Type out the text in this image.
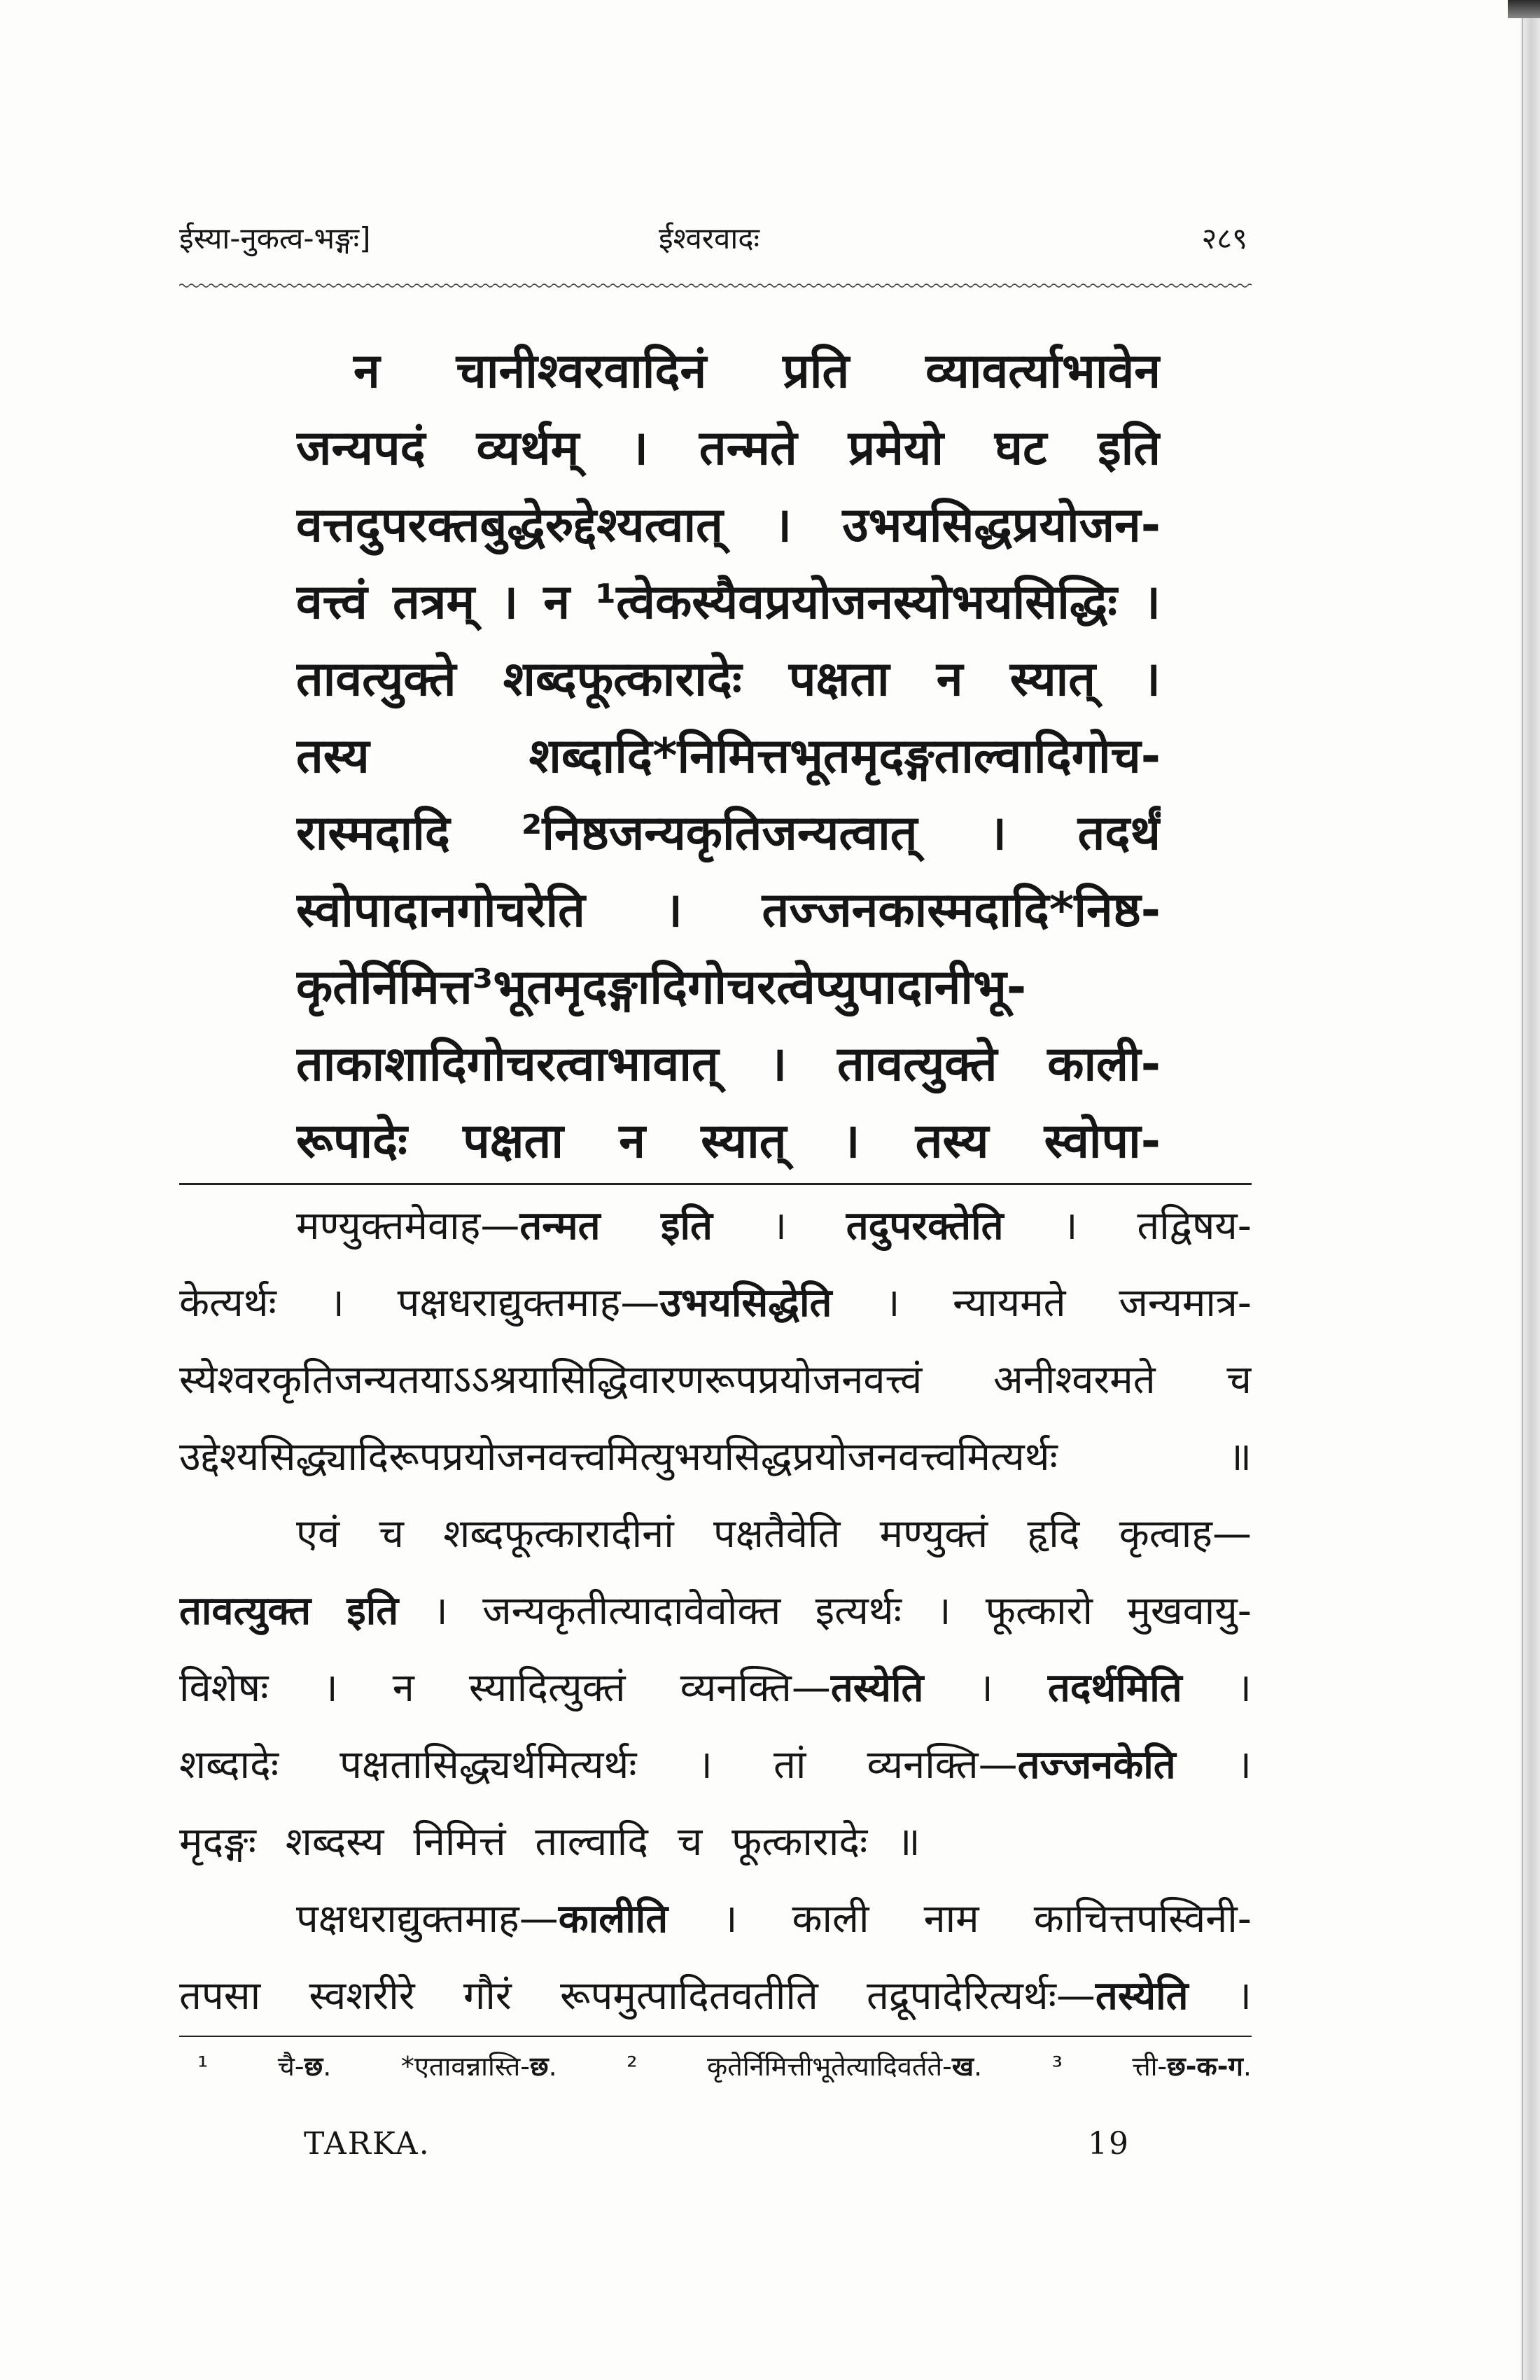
ईस्या-नुकत्व-भङ्गः]	ईश्वरवादः	२८९
न चानीश्वरवादिनं प्रति व्यावर्त्याभावेन
जन्यपदं व्यर्थम् । तन्मते प्रमेयो घट इति
वत्तदुपरक्तबुद्धेरुद्देश्यत्वात् । उभयसिद्धप्रयोजन-
वत्त्वं तत्रम् । न ¹त्वेकस्यैवप्रयोजनस्योभयसिद्धिः ।
तावत्युक्ते शब्दफूत्कारादेः पक्षता न स्यात् ।
तस्य शब्दादि*निमित्तभूतमृदङ्गताल्वादिगोच-
रास्मदादि ²निष्ठजन्यकृतिजन्यत्वात् । तदर्थं
स्वोपादानगोचरेति । तज्जनकास्मदादि*निष्ठ-
कृतेर्निमित्त³भूतमृदङ्गादिगोचरत्वेप्युपादानीभू-
ताकाशादिगोचरत्वाभावात् । तावत्युक्ते काली-
रूपादेः पक्षता न स्यात् । तस्य स्वोपा-
मण्युक्तमेवाह—तन्मत इति । तदुपरक्तेति । तद्विषय-
केत्यर्थः । पक्षधराद्युक्तमाह—उभयसिद्धेति । न्यायमते जन्यमात्र-
स्येश्वरकृतिजन्यतयाऽऽश्रयासिद्धिवारणरूपप्रयोजनवत्त्वं अनीश्वरमते च
उद्देश्यसिद्ध्यादिरूपप्रयोजनवत्त्वमित्युभयसिद्धप्रयोजनवत्त्वमित्यर्थः ॥
एवं च शब्दफूत्कारादीनां पक्षतैवेति मण्युक्तं हृदि कृत्वाह—
तावत्युक्त इति । जन्यकृतीत्यादावेवोक्त इत्यर्थः । फूत्कारो मुखवायु-
विशेषः । न स्यादित्युक्तं व्यनक्ति—तस्येति । तदर्थमिति ।
शब्दादेः पक्षतासिद्ध्यर्थमित्यर्थः । तां व्यनक्ति—तज्जनकेति ।
मृदङ्गः शब्दस्य निमित्तं ताल्वादि च फूत्कारादेः ॥
पक्षधराद्युक्तमाह—कालीति । काली नाम काचित्तपस्विनी-
तपसा स्वशरीरे गौरं रूपमुत्पादितवतीति तद्रूपादेरित्यर्थः—तस्येति ।
¹ चै-छ. *एतावन्नास्ति-छ. ² कृतेर्निमित्तीभूतेत्यादिवर्तते-ख. ³ त्ती-छ-क-ग.
TARKA.	19
